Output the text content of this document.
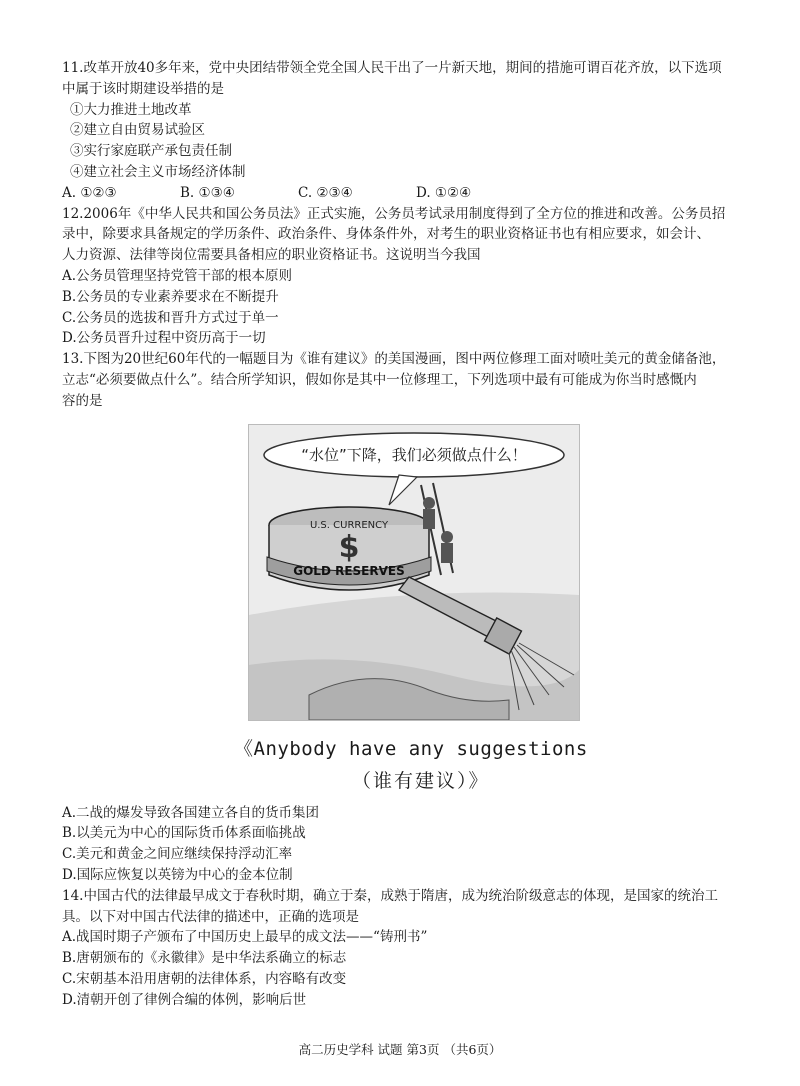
11.改革开放40多年来，党中央团结带领全党全国人民干出了一片新天地，期间的措施可谓百花齐放，以下选项
中属于该时期建设举措的是
①大力推进土地改革
②建立自由贸易试验区
③实行家庭联产承包责任制
④建立社会主义市场经济体制
A. ①②③	B. ①③④	C. ②③④	D. ①②④
12.2006年《中华人民共和国公务员法》正式实施，公务员考试录用制度得到了全方位的推进和改善。公务员招
录中，除要求具备规定的学历条件、政治条件、身体条件外，对考生的职业资格证书也有相应要求，如会计、
人力资源、法律等岗位需要具备相应的职业资格证书。这说明当今我国
A.公务员管理坚持党管干部的根本原则
B.公务员的专业素养要求在不断提升
C.公务员的选拔和晋升方式过于单一
D.公务员晋升过程中资历高于一切
13.下图为20世纪60年代的一幅题目为《谁有建议》的美国漫画，图中两位修理工面对喷吐美元的黄金储备池，
立志“必须要做点什么”。结合所学知识，假如你是其中一位修理工，下列选项中最有可能成为你当时感慨内
容的是
“水位”下降，我们必须做点什么！
U.S. CURRENCY
GOLD RESERVES
$
《Anybody have any suggestions
（谁有建议）》
A.二战的爆发导致各国建立各自的货币集团
B.以美元为中心的国际货币体系面临挑战
C.美元和黄金之间应继续保持浮动汇率
D.国际应恢复以英镑为中心的金本位制
14.中国古代的法律最早成文于春秋时期，确立于秦，成熟于隋唐，成为统治阶级意志的体现，是国家的统治工
具。以下对中国古代法律的描述中，正确的选项是
A.战国时期子产颁布了中国历史上最早的成文法——“铸刑书”
B.唐朝颁布的《永徽律》是中华法系确立的标志
C.宋朝基本沿用唐朝的法律体系，内容略有改变
D.清朝开创了律例合编的体例，影响后世
高二历史学科 试题 第3页 （共6页）
